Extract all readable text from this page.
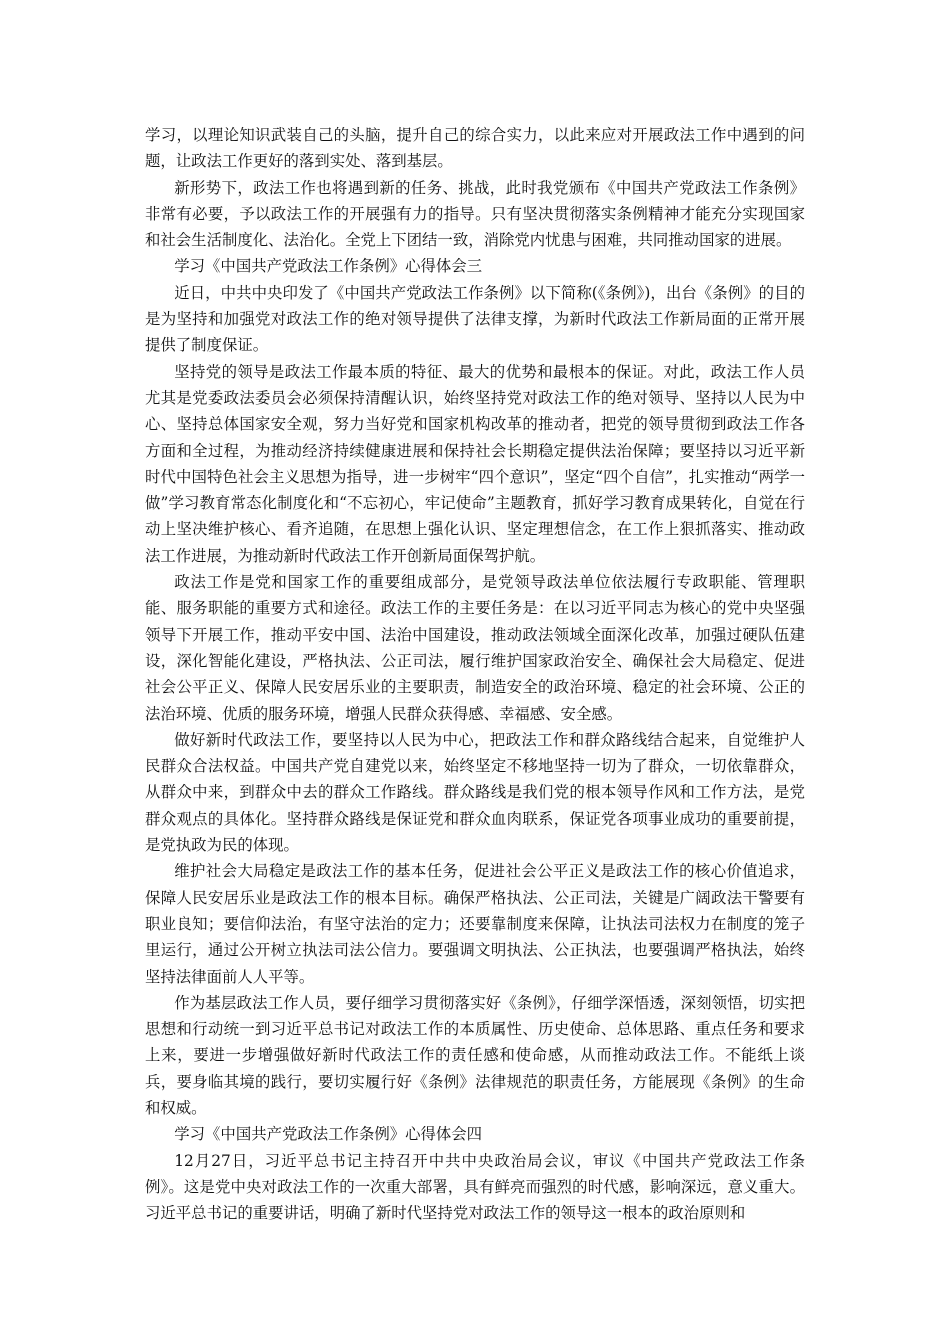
学习，以理论知识武装自己的头脑，提升自己的综合实力，以此来应对开展政法工作中遇到的问题，让政法工作更好的落到实处、落到基层。

新形势下，政法工作也将遇到新的任务、挑战，此时我党颁布《中国共产党政法工作条例》非常有必要，予以政法工作的开展强有力的指导。只有坚决贯彻落实条例精神才能充分实现国家和社会生活制度化、法治化。全党上下团结一致，消除党内忧患与困难，共同推动国家的进展。

学习《中国共产党政法工作条例》心得体会三

近日，中共中央印发了《中国共产党政法工作条例》以下简称(《条例》)，出台《条例》的目的是为坚持和加强党对政法工作的绝对领导提供了法律支撑，为新时代政法工作新局面的正常开展提供了制度保证。

坚持党的领导是政法工作最本质的特征、最大的优势和最根本的保证。对此，政法工作人员尤其是党委政法委员会必须保持清醒认识，始终坚持党对政法工作的绝对领导、坚持以人民为中心、坚持总体国家安全观，努力当好党和国家机构改革的推动者，把党的领导贯彻到政法工作各方面和全过程，为推动经济持续健康进展和保持社会长期稳定提供法治保障；要坚持以习近平新时代中国特色社会主义思想为指导，进一步树牢“四个意识”，坚定“四个自信”，扎实推动“两学一做”学习教育常态化制度化和“不忘初心，牢记使命”主题教育，抓好学习教育成果转化，自觉在行动上坚决维护核心、看齐追随，在思想上强化认识、坚定理想信念，在工作上狠抓落实、推动政法工作进展，为推动新时代政法工作开创新局面保驾护航。

政法工作是党和国家工作的重要组成部分，是党领导政法单位依法履行专政职能、管理职能、服务职能的重要方式和途径。政法工作的主要任务是：在以习近平同志为核心的党中央坚强领导下开展工作，推动平安中国、法治中国建设，推动政法领域全面深化改革，加强过硬队伍建设，深化智能化建设，严格执法、公正司法，履行维护国家政治安全、确保社会大局稳定、促进社会公平正义、保障人民安居乐业的主要职责，制造安全的政治环境、稳定的社会环境、公正的法治环境、优质的服务环境，增强人民群众获得感、幸福感、安全感。

做好新时代政法工作，要坚持以人民为中心，把政法工作和群众路线结合起来，自觉维护人民群众合法权益。中国共产党自建党以来，始终坚定不移地坚持一切为了群众，一切依靠群众，从群众中来，到群众中去的群众工作路线。群众路线是我们党的根本领导作风和工作方法，是党群众观点的具体化。坚持群众路线是保证党和群众血肉联系，保证党各项事业成功的重要前提，是党执政为民的体现。

维护社会大局稳定是政法工作的基本任务，促进社会公平正义是政法工作的核心价值追求，保障人民安居乐业是政法工作的根本目标。确保严格执法、公正司法，关键是广阔政法干警要有职业良知；要信仰法治，有坚守法治的定力；还要靠制度来保障，让执法司法权力在制度的笼子里运行，通过公开树立执法司法公信力。要强调文明执法、公正执法，也要强调严格执法，始终坚持法律面前人人平等。

作为基层政法工作人员，要仔细学习贯彻落实好《条例》，仔细学深悟透，深刻领悟，切实把思想和行动统一到习近平总书记对政法工作的本质属性、历史使命、总体思路、重点任务和要求上来，要进一步增强做好新时代政法工作的责任感和使命感，从而推动政法工作。不能纸上谈兵，要身临其境的践行，要切实履行好《条例》法律规范的职责任务，方能展现《条例》的生命和权威。

学习《中国共产党政法工作条例》心得体会四

12月27日，习近平总书记主持召开中共中央政治局会议，审议《中国共产党政法工作条例》。这是党中央对政法工作的一次重大部署，具有鲜亮而强烈的时代感，影响深远，意义重大。习近平总书记的重要讲话，明确了新时代坚持党对政法工作的领导这一根本的政治原则和
